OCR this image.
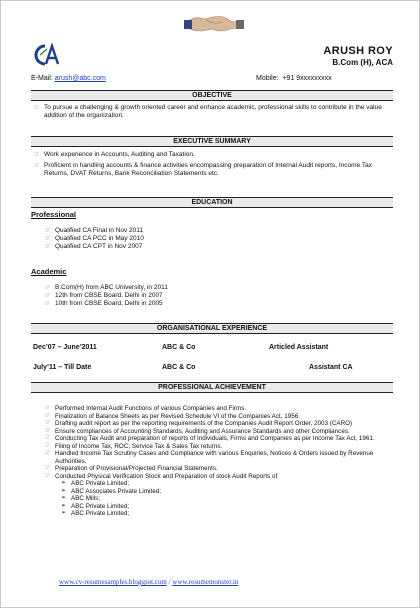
ARUSH ROY
B.Com (H), ACA
E-Mail: arush@abc.com	Mobile: +91 9xxxxxxxxx
OBJECTIVE
☞ To pursue a challenging & growth oriented career and enhance academic, professional skills to contribute in the value addition of the organization.
EXECUTIVE SUMMARY
☞ Work experience in Accounts, Auditing and Taxation.
☞ Proficient in handling accounts & finance activities encompassing preparation of Internal Audit reports, Income Tax Returns, DVAT Returns, Bank Reconciliation Statements etc.
EDUCATION
Professional
☞ Qualified CA Final in Nov 2011
☞ Qualified CA PCC in May 2010
☞ Qualified CA CPT in Nov 2007
Academic
☞ B.Com(H) from ABC University, in 2011
☞ 12th from CBSE Board, Delhi in 2007
☞ 10th from CBSE Board, Delhi in 2005
ORGANISATIONAL EXPERIENCE
Dec’07 – June’2011	ABC & Co	Articled Assistant
July’11 – Till Date	ABC & Co	Assistant CA
PROFESSIONAL ACHIEVEMENT
☞ Performed Internal Audit Functions of various Companies and Firms.
☞ Finalization of Balance Sheets as per Revised Schedule VI of the Companies Act, 1956.
☞ Drafting audit report as per the reporting requirements of the Companies Audit Report Order, 2003 (CARO)
☞ Ensure compliances of Accounting Standards, Auditing and Assurance Standards and other Compliances.
☞ Conducting Tax Audit and preparation of reports of Individuals, Firms and Companies as per Income Tax Act, 1961.
☞ Filing of Income Tax, ROC, Service Tax & Sales Tax returns.
☞ Handled Income Tax Scrutiny Cases and Compliance with various Enquiries, Notices & Orders issued by Revenue Authorities.
☞ Preparation of Provisional/Projected Financial Statements.
☞ Conducted Physical Verification Stock and Preparation of stock Audit Reports of
➢ ABC Private Limited;
➢ ABC Associates Private Limited;
➢ ABC Mills;
➢ ABC Private Limited;
➢ ABC Private Limited;
www.cv-resumesamples.blogspot.com / www.resumemonster.in
